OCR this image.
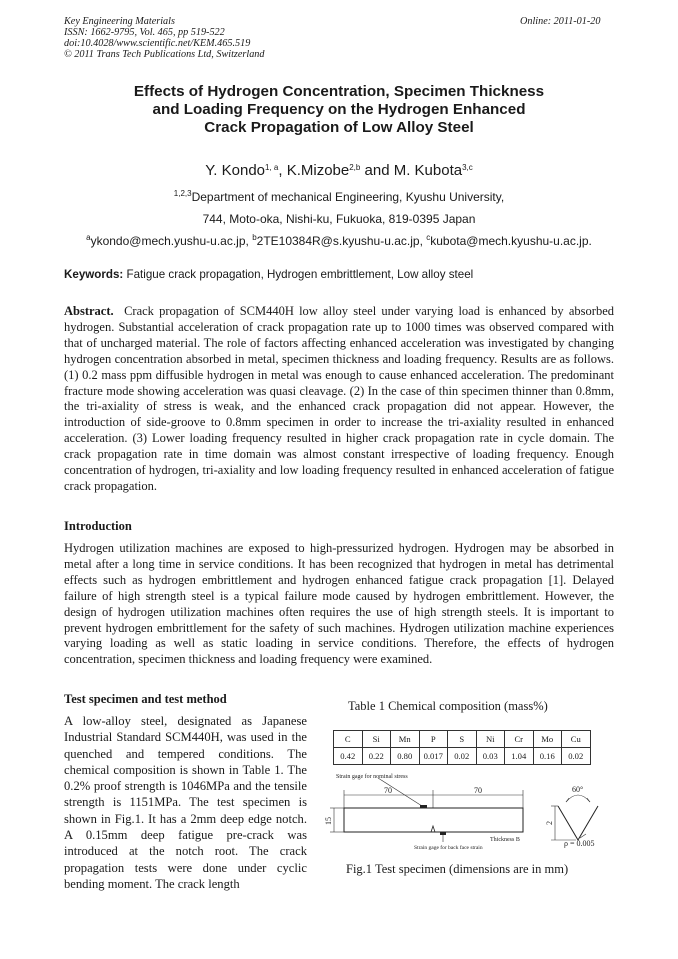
Key Engineering Materials
ISSN: 1662-9795, Vol. 465, pp 519-522
doi:10.4028/www.scientific.net/KEM.465.519
© 2011 Trans Tech Publications Ltd, Switzerland
Online: 2011-01-20
Effects of Hydrogen Concentration, Specimen Thickness
and Loading Frequency on the Hydrogen Enhanced
Crack Propagation of Low Alloy Steel
Y. Kondo$^{1, a}$, K.Mizobe$^{2,b}$ and M. Kubota$^{3,c}$
$^{1,2,3}$Department of mechanical Engineering, Kyushu University,
744, Moto-oka, Nishi-ku, Fukuoka, 819-0395 Japan
$^a$ykondo@mech.yushu-u.ac.jp, $^b$2TE10384R@s.kyushu-u.ac.jp, $^c$kubota@mech.kyushu-u.ac.jp.
Keywords: Fatigue crack propagation, Hydrogen embrittlement, Low alloy steel

Abstract. Crack propagation of SCM440H low alloy steel under varying load is enhanced by absorbed hydrogen. Substantial acceleration of crack propagation rate up to 1000 times was observed compared with that of uncharged material. The role of factors affecting enhanced acceleration was investigated by changing hydrogen concentration absorbed in metal, specimen thickness and loading frequency. Results are as follows. (1) 0.2 mass ppm diffusible hydrogen in metal was enough to cause enhanced acceleration. The predominant fracture mode showing acceleration was quasi cleavage. (2) In the case of thin specimen thinner than 0.8mm, the tri-axiality of stress is weak, and the enhanced crack propagation did not appear. However, the introduction of side-groove to 0.8mm specimen in order to increase the tri-axiality resulted in enhanced acceleration. (3) Lower loading frequency resulted in higher crack propagation rate in cycle domain. The crack propagation rate in time domain was almost constant irrespective of loading frequency. Enough concentration of hydrogen, tri-axiality and low loading frequency resulted in enhanced acceleration of fatigue crack propagation.

Introduction
Hydrogen utilization machines are exposed to high-pressurized hydrogen. Hydrogen may be absorbed in metal after a long time in service conditions. It has been recognized that hydrogen in metal has detrimental effects such as hydrogen embrittlement and hydrogen enhanced fatigue crack propagation [1]. Delayed failure of high strength steel is a typical failure mode caused by hydrogen embrittlement. However, the design of hydrogen utilization machines often requires the use of high strength steels. It is important to prevent hydrogen embrittlement for the safety of such machines. Hydrogen utilization machine experiences varying loading as well as static loading in service conditions. Therefore, the effects of hydrogen concentration, specimen thickness and loading frequency were examined.
Test specimen and test method
A low-alloy steel, designated as Japanese Industrial Standard SCM440H, was used in the quenched and tempered conditions. The chemical composition is shown in Table 1. The 0.2% proof strength is 1046MPa and the tensile strength is 1151MPa. The test specimen is shown in Fig.1. It has a 2mm deep edge notch. A 0.15mm deep fatigue pre-crack was introduced at the notch root. The crack propagation tests were done under cyclic bending moment. The crack length
Table 1 Chemical composition (mass%)
C	Si	Mn	P	S	Ni	Cr	Mo	Cu
0.42	0.22	0.80	0.017	0.02	0.03	1.04	0.16	0.02
Strain gage for nominal stress
70	70
15
Thickness B
Strain gage for back face strain
60°
2
ρ = 0.005
Fig.1 Test specimen (dimensions are in mm)
